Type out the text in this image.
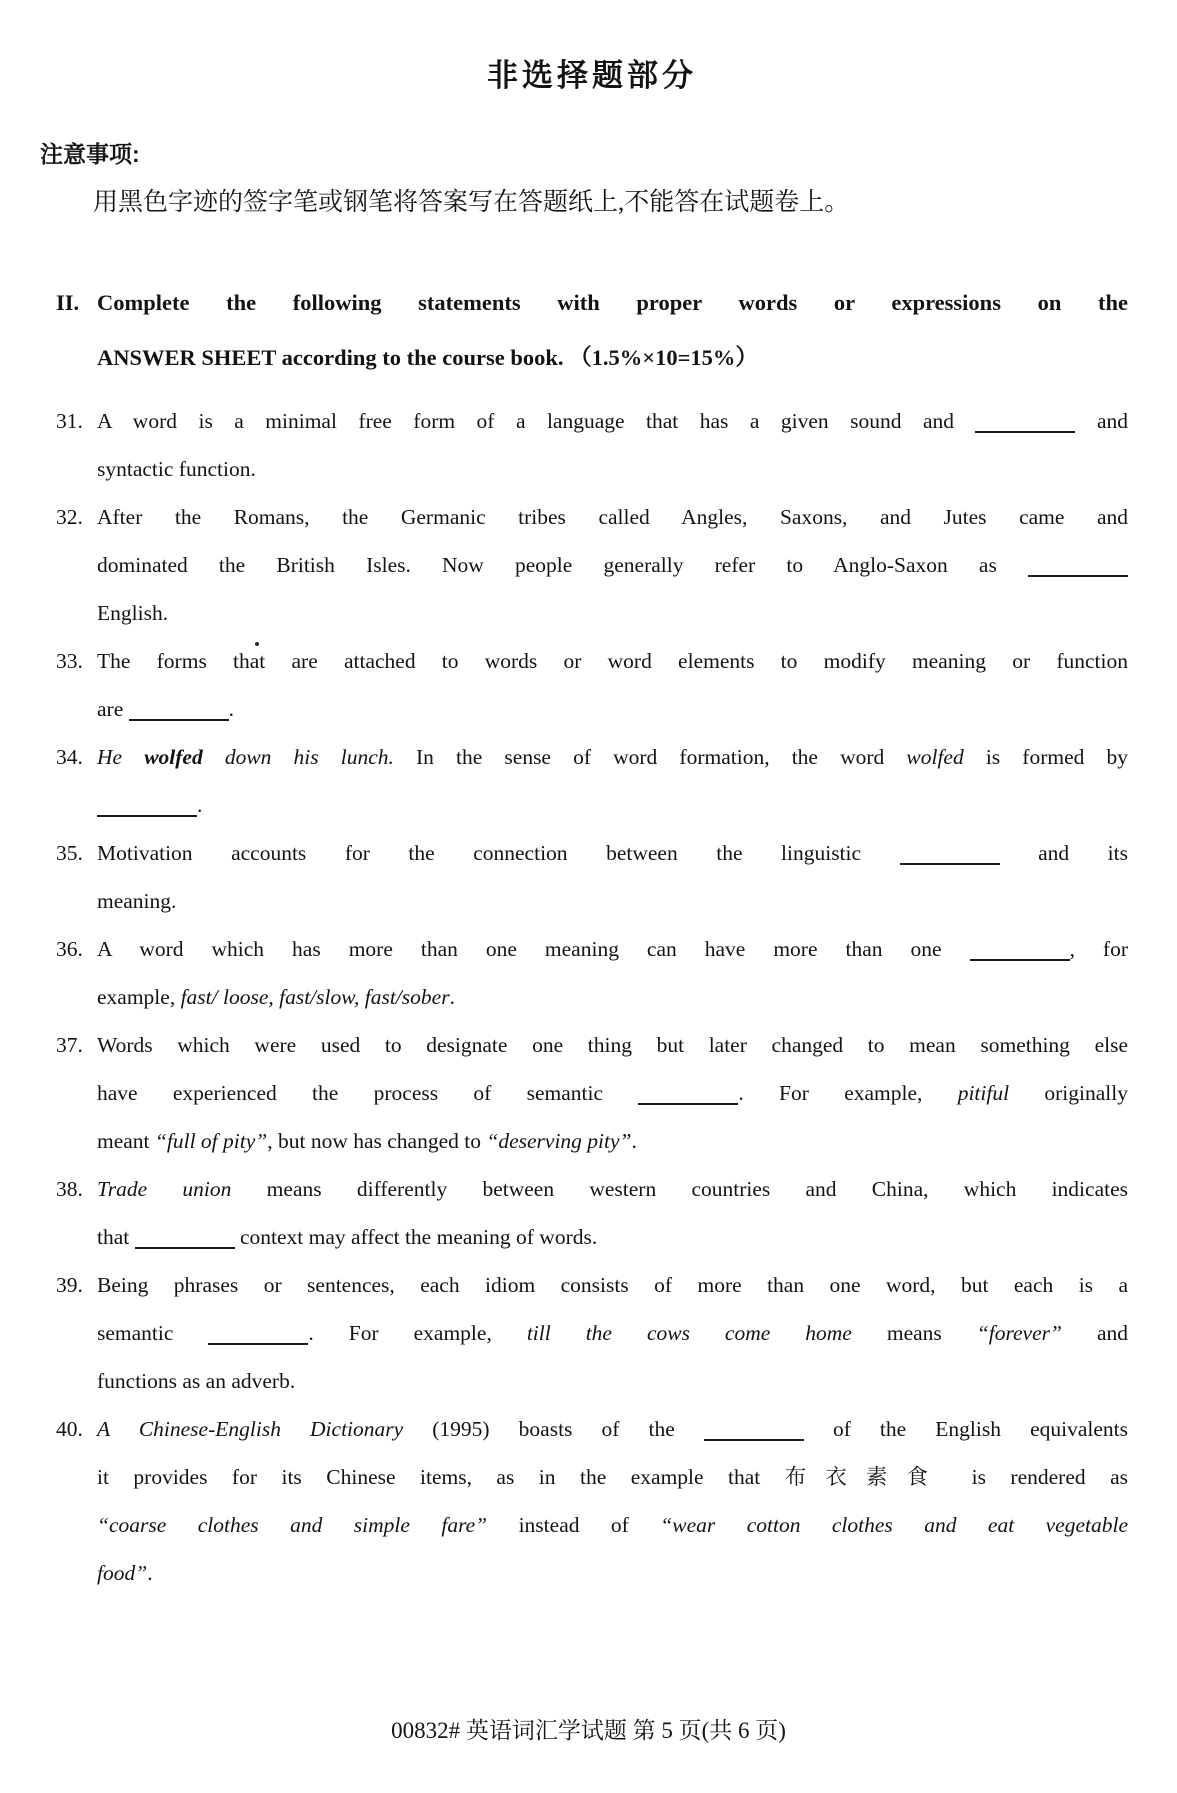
非选择题部分
注意事项:
用黑色字迹的签字笔或钢笔将答案写在答题纸上,不能答在试题卷上。
II. Complete the following statements with proper words or expressions on the
ANSWER SHEET according to the course book. （1.5%×10=15%）
31. A word is a minimal free form of a language that has a given sound and	and
syntactic function.
32. After the Romans, the Germanic tribes called Angles, Saxons, and Jutes came and
dominated the British Isles. Now people generally refer to Anglo-Saxon as
English.
33. The forms that are attached to words or word elements to modify meaning or function
are	.
34. He wolfed down his lunch. In the sense of word formation, the word wolfed is formed by
.
35. Motivation accounts for the connection between the linguistic	and its
meaning.
36. A word which has more than one meaning can have more than one	, for
example, fast/ loose, fast/slow, fast/sober.
37. Words which were used to designate one thing but later changed to mean something else
have experienced the process of semantic	. For example, pitiful originally
meant “full of pity”, but now has changed to “deserving pity”.
38. Trade union means differently between western countries and China, which indicates
that	context may affect the meaning of words.
39. Being phrases or sentences, each idiom consists of more than one word, but each is a
semantic	. For example, till the cows come home means “forever” and
functions as an adverb.
40. A Chinese-English Dictionary (1995) boasts of the	of the English equivalents
it provides for its Chinese items, as in the example that 布衣素食 is rendered as
“coarse clothes and simple fare” instead of “wear cotton clothes and eat vegetable
food”.
00832# 英语词汇学试题 第 5 页(共 6 页)
